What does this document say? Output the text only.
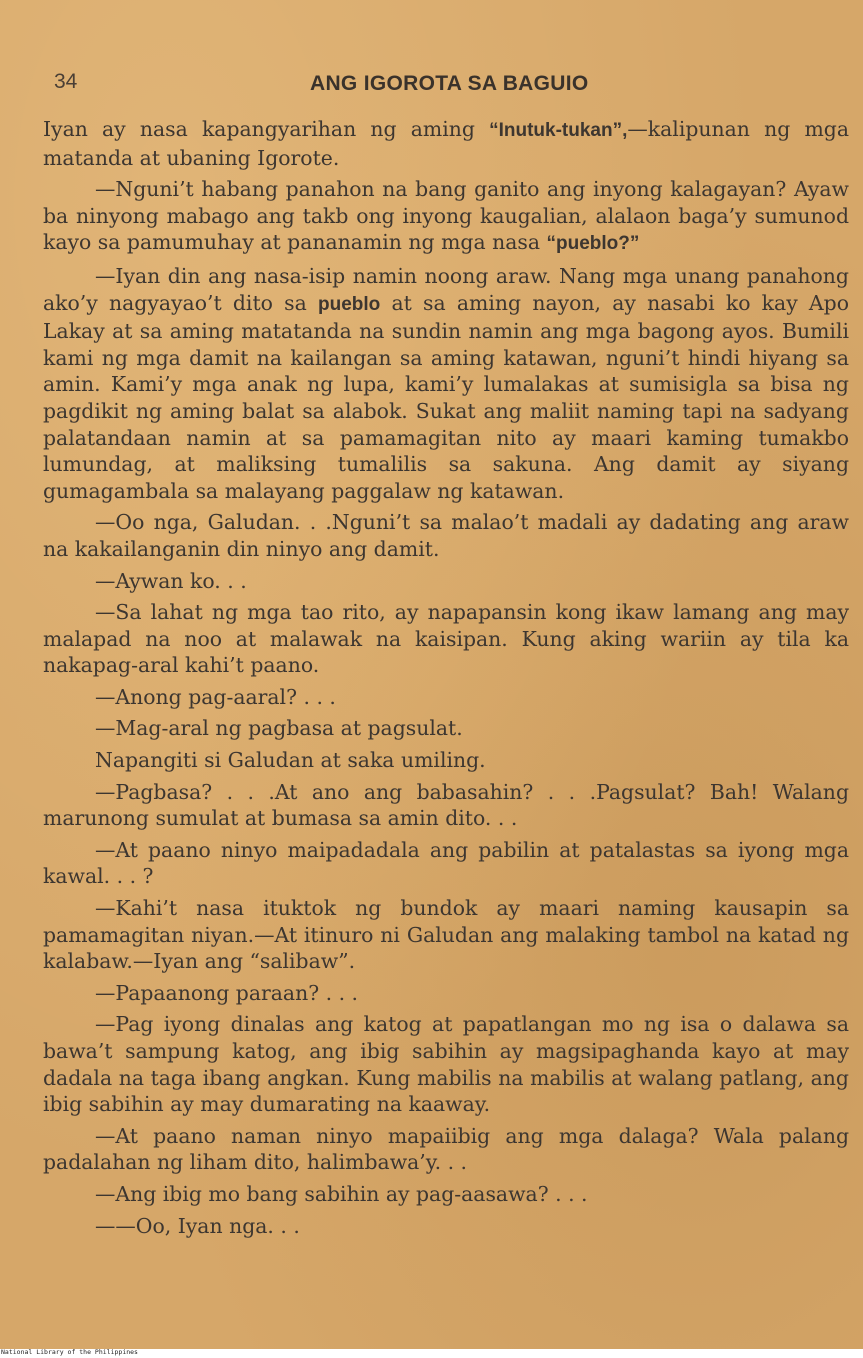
34	ANG IGOROTA SA BAGUIO

Iyan ay nasa kapangyarihan ng aming “Inutuk-tukan”,—kalipunan ng mga matanda at ubaning Igorote.

—Nguni’t habang panahon na bang ganito ang inyong kalagayan? Ayaw ba ninyong mabago ang takb ong inyong kaugalian, alalaon baga’y sumunod kayo sa pamumuhay at pananamin ng mga nasa “pueblo?”

—Iyan din ang nasa-isip namin noong araw. Nang mga unang panahong ako’y nagyayao’t dito sa pueblo at sa aming nayon, ay nasabi ko kay Apo Lakay at sa aming matatanda na sundin namin ang mga bagong ayos. Bumili kami ng mga damit na kailangan sa aming katawan, nguni’t hindi hiyang sa amin. Kami’y mga anak ng lupa, kami’y lumalakas at sumisigla sa bisa ng pagdikit ng aming balat sa alabok. Sukat ang maliit naming tapi na sadyang palatandaan namin at sa pamamagitan nito ay maari kaming tumakbo lumundag, at maliksing tumalilis sa sakuna. Ang damit ay siyang gumagambala sa malayang paggalaw ng katawan.

—Oo nga, Galudan. . .Nguni’t sa malao’t madali ay dadating ang araw na kakailanganin din ninyo ang damit.

—Aywan ko. . .

—Sa lahat ng mga tao rito, ay napapansin kong ikaw lamang ang may malapad na noo at malawak na kaisipan. Kung aking wariin ay tila ka nakapag-aral kahi’t paano.

—Anong pag-aaral? . . .

—Mag-aral ng pagbasa at pagsulat.

Napangiti si Galudan at saka umiling.

—Pagbasa? . . .At ano ang babasahin? . . .Pagsulat? Bah! Walang marunong sumulat at bumasa sa amin dito. . .

—At paano ninyo maipadadala ang pabilin at patalastas sa iyong mga kawal. . . ?

—Kahi’t nasa ituktok ng bundok ay maari naming kausapin sa pamamagitan niyan.—At itinuro ni Galudan ang malaking tambol na katad ng kalabaw.—Iyan ang “salibaw”.

—Papaanong paraan? . . .

—Pag iyong dinalas ang katog at papatlangan mo ng isa o dalawa sa bawa’t sampung katog, ang ibig sabihin ay magsipaghanda kayo at may dadala na taga ibang angkan. Kung mabilis na mabilis at walang patlang, ang ibig sabihin ay may dumarating na kaaway.

—At paano naman ninyo mapaiibig ang mga dalaga? Wala palang padalahan ng liham dito, halimbawa’y. . .

—Ang ibig mo bang sabihin ay pag-aasawa? . . .

——Oo, Iyan nga. . .

National Library of the Philippines
